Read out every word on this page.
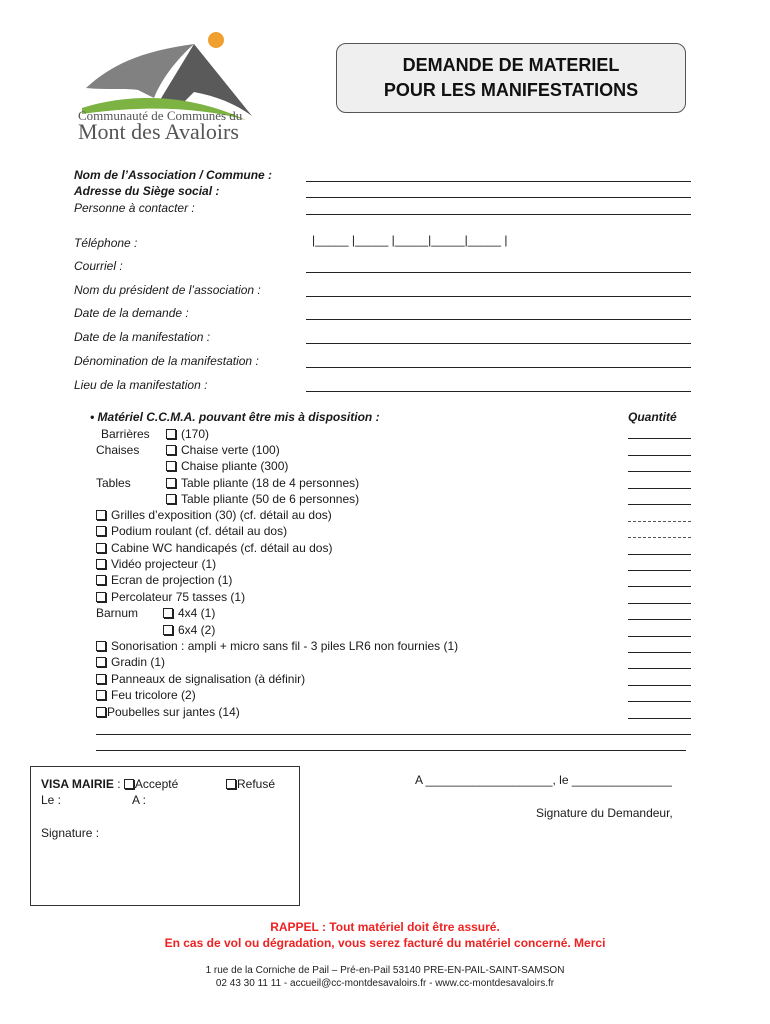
Communauté de Communes du
Mont des Avaloirs
DEMANDE DE MATERIEL
POUR LES MANIFESTATIONS
Nom de l’Association / Commune :
Adresse du Siège social :
Personne à contacter :
Téléphone :	|_____ |_____ |_____|_____|_____ |
Courriel :
Nom du président de l’association :
Date de la demande :
Date de la manifestation :
Dénomination de la manifestation :
Lieu de la manifestation :
• Matériel C.C.M.A. pouvant être mis à disposition :	Quantité
Barrières	(170)
Chaises	Chaise verte (100)
Chaise pliante (300)
Tables	Table pliante (18 de 4 personnes)
Table pliante (50 de 6 personnes)
Grilles d’exposition (30) (cf. détail au dos)
Podium roulant (cf. détail au dos)
Cabine WC handicapés (cf. détail au dos)
Vidéo projecteur (1)
Ecran de projection (1)
Percolateur 75 tasses (1)
Barnum	4x4 (1)
6x4 (2)
Sonorisation : ampli + micro sans fil - 3 piles LR6 non fournies (1)
Gradin (1)
Panneaux de signalisation (à définir)
Feu tricolore (2)
Poubelles sur jantes (14)
VISA MAIRIE : Accepté	Refusé
Le :	A :
Signature :
A ___________________, le _______________
Signature du Demandeur,
RAPPEL : Tout matériel doit être assuré.
En cas de vol ou dégradation, vous serez facturé du matériel concerné. Merci
1 rue de la Corniche de Pail – Pré-en-Pail 53140 PRE-EN-PAIL-SAINT-SAMSON
02 43 30 11 11 - accueil@cc-montdesavaloirs.fr - www.cc-montdesavaloirs.fr
